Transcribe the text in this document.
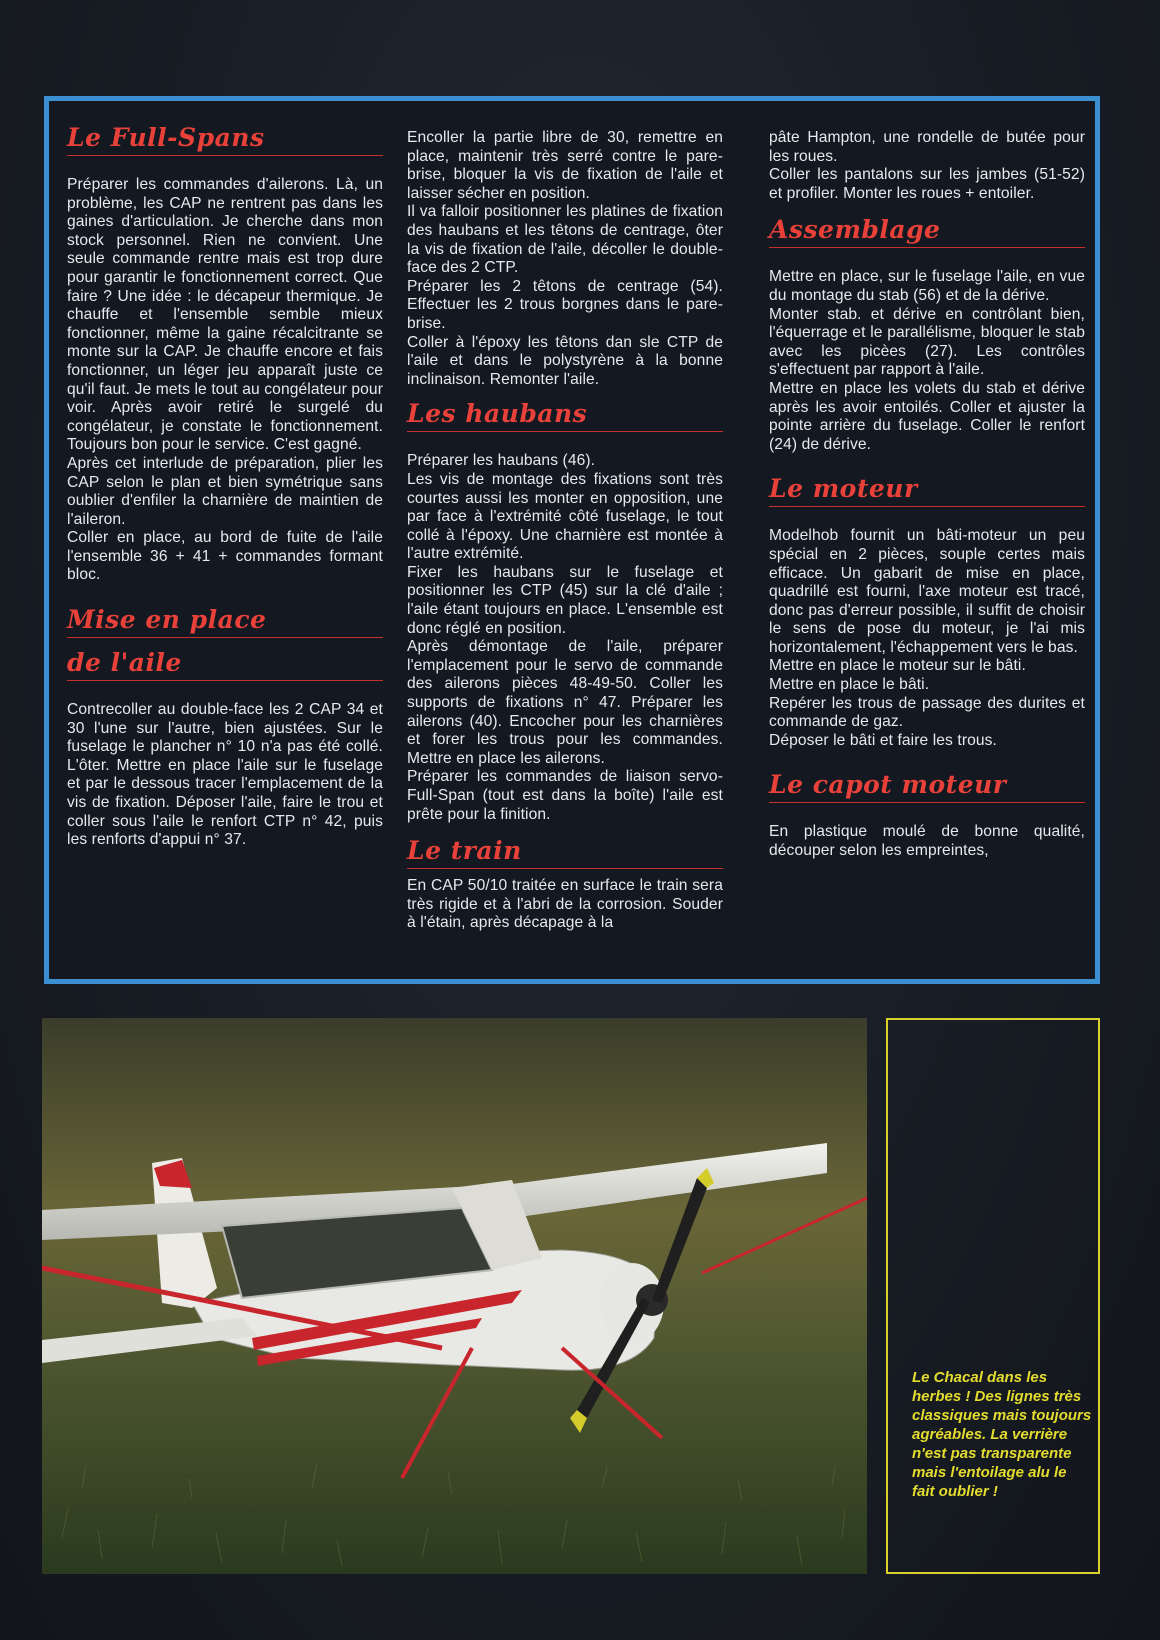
Le Full-Spans

Préparer les commandes d'ailerons. Là, un problème, les CAP ne rentrent pas dans les gaines d'articulation. Je cherche dans mon stock personnel. Rien ne convient. Une seule commande rentre mais est trop dure pour garantir le fonctionnement correct. Que faire ? Une idée : le décapeur thermique. Je chauffe et l'ensemble semble mieux fonctionner, même la gaine récalcitrante se monte sur la CAP. Je chauffe encore et fais fonctionner, un léger jeu apparaît juste ce qu'il faut. Je mets le tout au congélateur pour voir. Après avoir retiré le surgelé du congélateur, je constate le fonctionnement. Toujours bon pour le service. C'est gagné.

Après cet interlude de préparation, plier les CAP selon le plan et bien symétrique sans oublier d'enfiler la charnière de maintien de l'aileron.

Coller en place, au bord de fuite de l'aile l'ensemble 36 + 41 + commandes formant bloc.

Mise en place
de l'aile

Contrecoller au double-face les 2 CAP 34 et 30 l'une sur l'autre, bien ajustées. Sur le fuselage le plancher n° 10 n'a pas été collé. L'ôter. Mettre en place l'aile sur le fuselage et par le dessous tracer l'emplacement de la vis de fixation. Déposer l'aile, faire le trou et coller sous l'aile le renfort CTP n° 42, puis les renforts d'appui n° 37.

Encoller la partie libre de 30, remettre en place, maintenir très serré contre le pare-brise, bloquer la vis de fixation de l'aile et laisser sécher en position.

Il va falloir positionner les platines de fixation des haubans et les têtons de centrage, ôter la vis de fixation de l'aile, décoller le double-face des 2 CTP.

Préparer les 2 têtons de centrage (54). Effectuer les 2 trous borgnes dans le pare-brise.

Coller à l'époxy les têtons dan sle CTP de l'aile et dans le polystyrène à la bonne inclinaison. Remonter l'aile.

Les haubans

Préparer les haubans (46).

Les vis de montage des fixations sont très courtes aussi les monter en opposition, une par face à l'extrémité côté fuselage, le tout collé à l'époxy. Une charnière est montée à l'autre extrémité.

Fixer les haubans sur le fuselage et positionner les CTP (45) sur la clé d'aile ; l'aile étant toujours en place. L'ensemble est donc réglé en position.

Après démontage de l'aile, préparer l'emplacement pour le servo de commande des ailerons pièces 48-49-50. Coller les supports de fixations n° 47. Préparer les ailerons (40). Encocher pour les charnières et forer les trous pour les commandes. Mettre en place les ailerons.

Préparer les commandes de liaison servo-Full-Span (tout est dans la boîte) l'aile est prête pour la finition.

Le train

En CAP 50/10 traitée en surface le train sera très rigide et à l'abri de la corrosion. Souder à l'étain, après décapage à la

pâte Hampton, une rondelle de butée pour les roues.

Coller les pantalons sur les jambes (51-52) et profiler. Monter les roues + entoiler.

Assemblage

Mettre en place, sur le fuselage l'aile, en vue du montage du stab (56) et de la dérive.

Monter stab. et dérive en contrôlant bien, l'équerrage et le parallélisme, bloquer le stab avec les picèes (27). Les contrôles s'effectuent par rapport à l'aile.

Mettre en place les volets du stab et dérive après les avoir entoilés. Coller et ajuster la pointe arrière du fuselage. Coller le renfort (24) de dérive.

Le moteur

Modelhob fournit un bâti-moteur un peu spécial en 2 pièces, souple certes mais efficace. Un gabarit de mise en place, quadrillé est fourni, l'axe moteur est tracé, donc pas d'erreur possible, il suffit de choisir le sens de pose du moteur, je l'ai mis horizontalement, l'échappement vers le bas.

Mettre en place le moteur sur le bâti.

Mettre en place le bâti.

Repérer les trous de passage des durites et commande de gaz.

Déposer le bâti et faire les trous.

Le capot moteur

En plastique moulé de bonne qualité, découper selon les empreintes,

Le Chacal dans les herbes ! Des lignes très classiques mais toujours agréables. La verrière n'est pas transparente mais l'entoilage alu le fait oublier !
